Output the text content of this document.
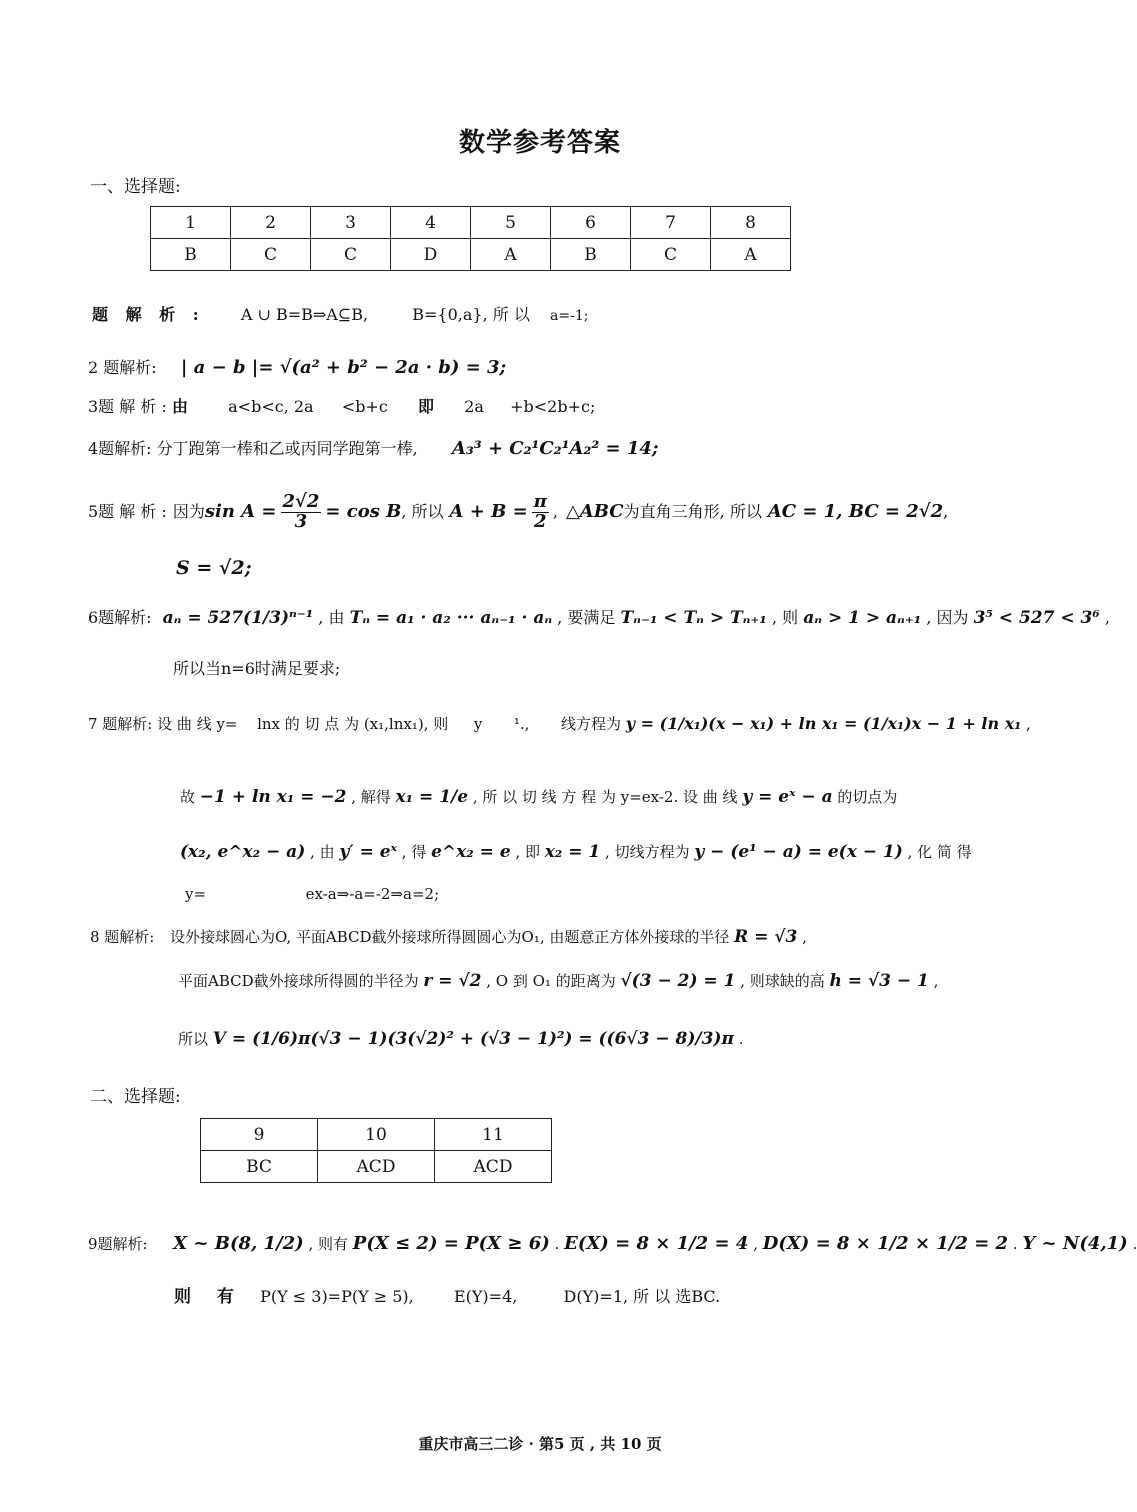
数学参考答案
一、选择题:
1	2	3	4	5	6	7	8
B	C	C	D	A	B	C	A
题 解 析 : A ∪ B=B⇒A⊆B,	B={0,a}, 所 以 a=-1;
2 题解析: | a − b |= √(a² + b² − 2a · b) = 3;
3题 解 析 : 由	a<b<c, 2a <b+c 即 2a +b<2b+c;
4题解析: 分丁跑第一棒和乙或丙同学跑第一棒, A₃³ + C₂¹C₂¹A₂² = 14;
5题 解 析 : 因为 $\sin A = \frac{2√2}{3} = \cos B$ , 所以 $A + B = \frac{\pi}{2}$ , △ABC 为直角三角形, 所以 AC = 1, BC = 2√2 ,
S = √2;
6题解析: aₙ = 527(1/3)ⁿ⁻¹ , 由 Tₙ = a₁ · a₂ ··· aₙ₋₁ · aₙ , 要满足 Tₙ₋₁ < Tₙ > Tₙ₊₁ , 则 aₙ > 1 > aₙ₊₁ , 因为 3⁵ < 527 < 3⁶ ,
所以当n=6时满足要求;
7 题解析: 设 曲 线 y= lnx 的 切 点 为 (x₁,lnx₁), 则 y ¹., 线方程为 y = (1/x₁)(x − x₁) + ln x₁ = (1/x₁)x − 1 + ln x₁ ,
故 −1 + ln x₁ = −2 , 解得 x₁ = 1/e , 所 以 切 线 方 程 为 y=ex-2. 设 曲 线 y = eˣ − a 的切点为
(x₂, e^x₂ − a) , 由 y′ = eˣ , 得 e^x₂ = e , 即 x₂ = 1 , 切线方程为 y − (e¹ − a) = e(x − 1) , 化 简 得
y=	ex-a⇒-a=-2⇒a=2;
8 题解析: 设外接球圆心为O, 平面ABCD截外接球所得圆圆心为O₁, 由题意正方体外接球的半径 R = √3 ,
平面ABCD截外接球所得圆的半径为 r = √2 , O 到 O₁ 的距离为 √(3 − 2) = 1 , 则球缺的高 h = √3 − 1 ,
所以 V = (1/6)π(√3 − 1)(3(√2)² + (√3 − 1)²) = ((6√3 − 8)/3)π .
二、选择题:
9	10	11
BC	ACD	ACD
9题解析: X ~ B(8, 1/2) , 则有 P(X ≤ 2) = P(X ≥ 6) . E(X) = 8 × 1/2 = 4 , D(X) = 8 × 1/2 × 1/2 = 2 . Y ~ N(4,1) .
则 有 P(Y ≤ 3)=P(Y ≥ 5),	E(Y)=4,	D(Y)=1, 所 以 选BC.
重庆市高三二诊 · 第5 页 , 共 10 页
